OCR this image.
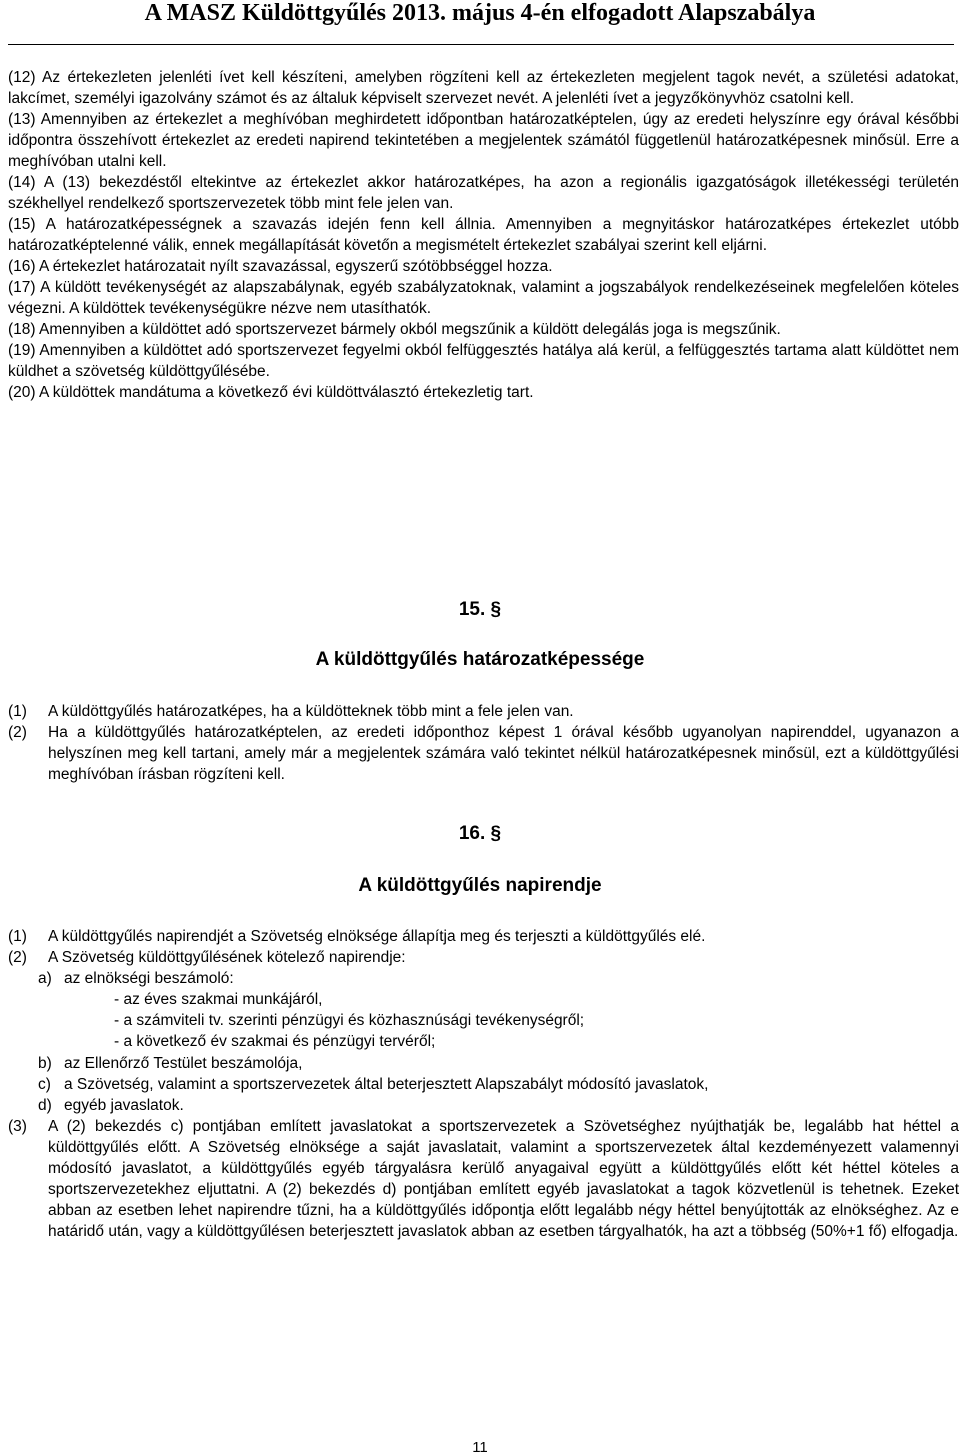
A MASZ Küldöttgyűlés 2013. május 4-én elfogadott Alapszabálya

(12) Az értekezleten jelenléti ívet kell készíteni, amelyben rögzíteni kell az értekezleten megjelent tagok nevét, a születési adatokat, lakcímet, személyi igazolvány számot és az általuk képviselt szervezet nevét. A jelenléti ívet a jegyzőkönyvhöz csatolni kell.

(13) Amennyiben az értekezlet a meghívóban meghirdetett időpontban határozatképtelen, úgy az eredeti helyszínre egy órával későbbi időpontra összehívott értekezlet az eredeti napirend tekintetében a megjelentek számától függetlenül határozatképesnek minősül. Erre a meghívóban utalni kell.

(14) A (13) bekezdéstől eltekintve az értekezlet akkor határozatképes, ha azon a regionális igazgatóságok illetékességi területén székhellyel rendelkező sportszervezetek több mint fele jelen van.

(15) A határozatképességnek a szavazás idején fenn kell állnia. Amennyiben a megnyitáskor határozatképes értekezlet utóbb határozatképtelenné válik, ennek megállapítását követőn a megismételt értekezlet szabályai szerint kell eljárni.

(16) A értekezlet határozatait nyílt szavazással, egyszerű szótöbbséggel hozza.

(17) A küldött tevékenységét az alapszabálynak, egyéb szabályzatoknak, valamint a jogszabályok rendelkezéseinek megfelelően köteles végezni. A küldöttek tevékenységükre nézve nem utasíthatók.

(18) Amennyiben a küldöttet adó sportszervezet bármely okból megszűnik a küldött delegálás joga is megszűnik.

(19) Amennyiben a küldöttet adó sportszervezet fegyelmi okból felfüggesztés hatálya alá kerül, a felfüggesztés tartama alatt küldöttet nem küldhet a szövetség küldöttgyűlésébe.

(20) A küldöttek mandátuma a következő évi küldöttválasztó értekezletig tart.

15. §
A küldöttgyűlés határozatképessége
(1)	A küldöttgyűlés határozatképes, ha a küldötteknek több mint a fele jelen van.
(2)	Ha a küldöttgyűlés határozatképtelen, az eredeti időponthoz képest 1 órával később ugyanolyan napirenddel, ugyanazon a helyszínen meg kell tartani, amely már a megjelentek számára való tekintet nélkül határozatképesnek minősül, ezt a küldöttgyűlési meghívóban írásban rögzíteni kell.
16. §
A küldöttgyűlés napirendje
(1)	A küldöttgyűlés napirendjét a Szövetség elnöksége állapítja meg és terjeszti a küldöttgyűlés elé.
(2)	A Szövetség küldöttgyűlésének kötelező napirendje:
a) az elnökségi beszámoló:
- az éves szakmai munkájáról,
- a számviteli tv. szerinti pénzügyi és közhasznúsági tevékenységről;
- a következő év szakmai és pénzügyi tervéről;
b) az Ellenőrző Testület beszámolója,
c) a Szövetség, valamint a sportszervezetek által beterjesztett Alapszabályt módosító javaslatok,
d) egyéb javaslatok.
(3)	A (2) bekezdés c) pontjában említett javaslatokat a sportszervezetek a Szövetséghez nyújthatják be, legalább hat héttel a küldöttgyűlés előtt. A Szövetség elnöksége a saját javaslatait, valamint a sportszervezetek által kezdeményezett valamennyi módosító javaslatot, a küldöttgyűlés egyéb tárgyalásra kerülő anyagaival együtt a küldöttgyűlés előtt két héttel köteles a sportszervezetekhez eljuttatni. A (2) bekezdés d) pontjában említett egyéb javaslatokat a tagok közvetlenül is tehetnek. Ezeket abban az esetben lehet napirendre tűzni, ha a küldöttgyűlés időpontja előtt legalább négy héttel benyújtották az elnökséghez. Az e határidő után, vagy a küldöttgyűlésen beterjesztett javaslatok abban az esetben tárgyalhatók, ha azt a többség (50%+1 fő) elfogadja.
11
